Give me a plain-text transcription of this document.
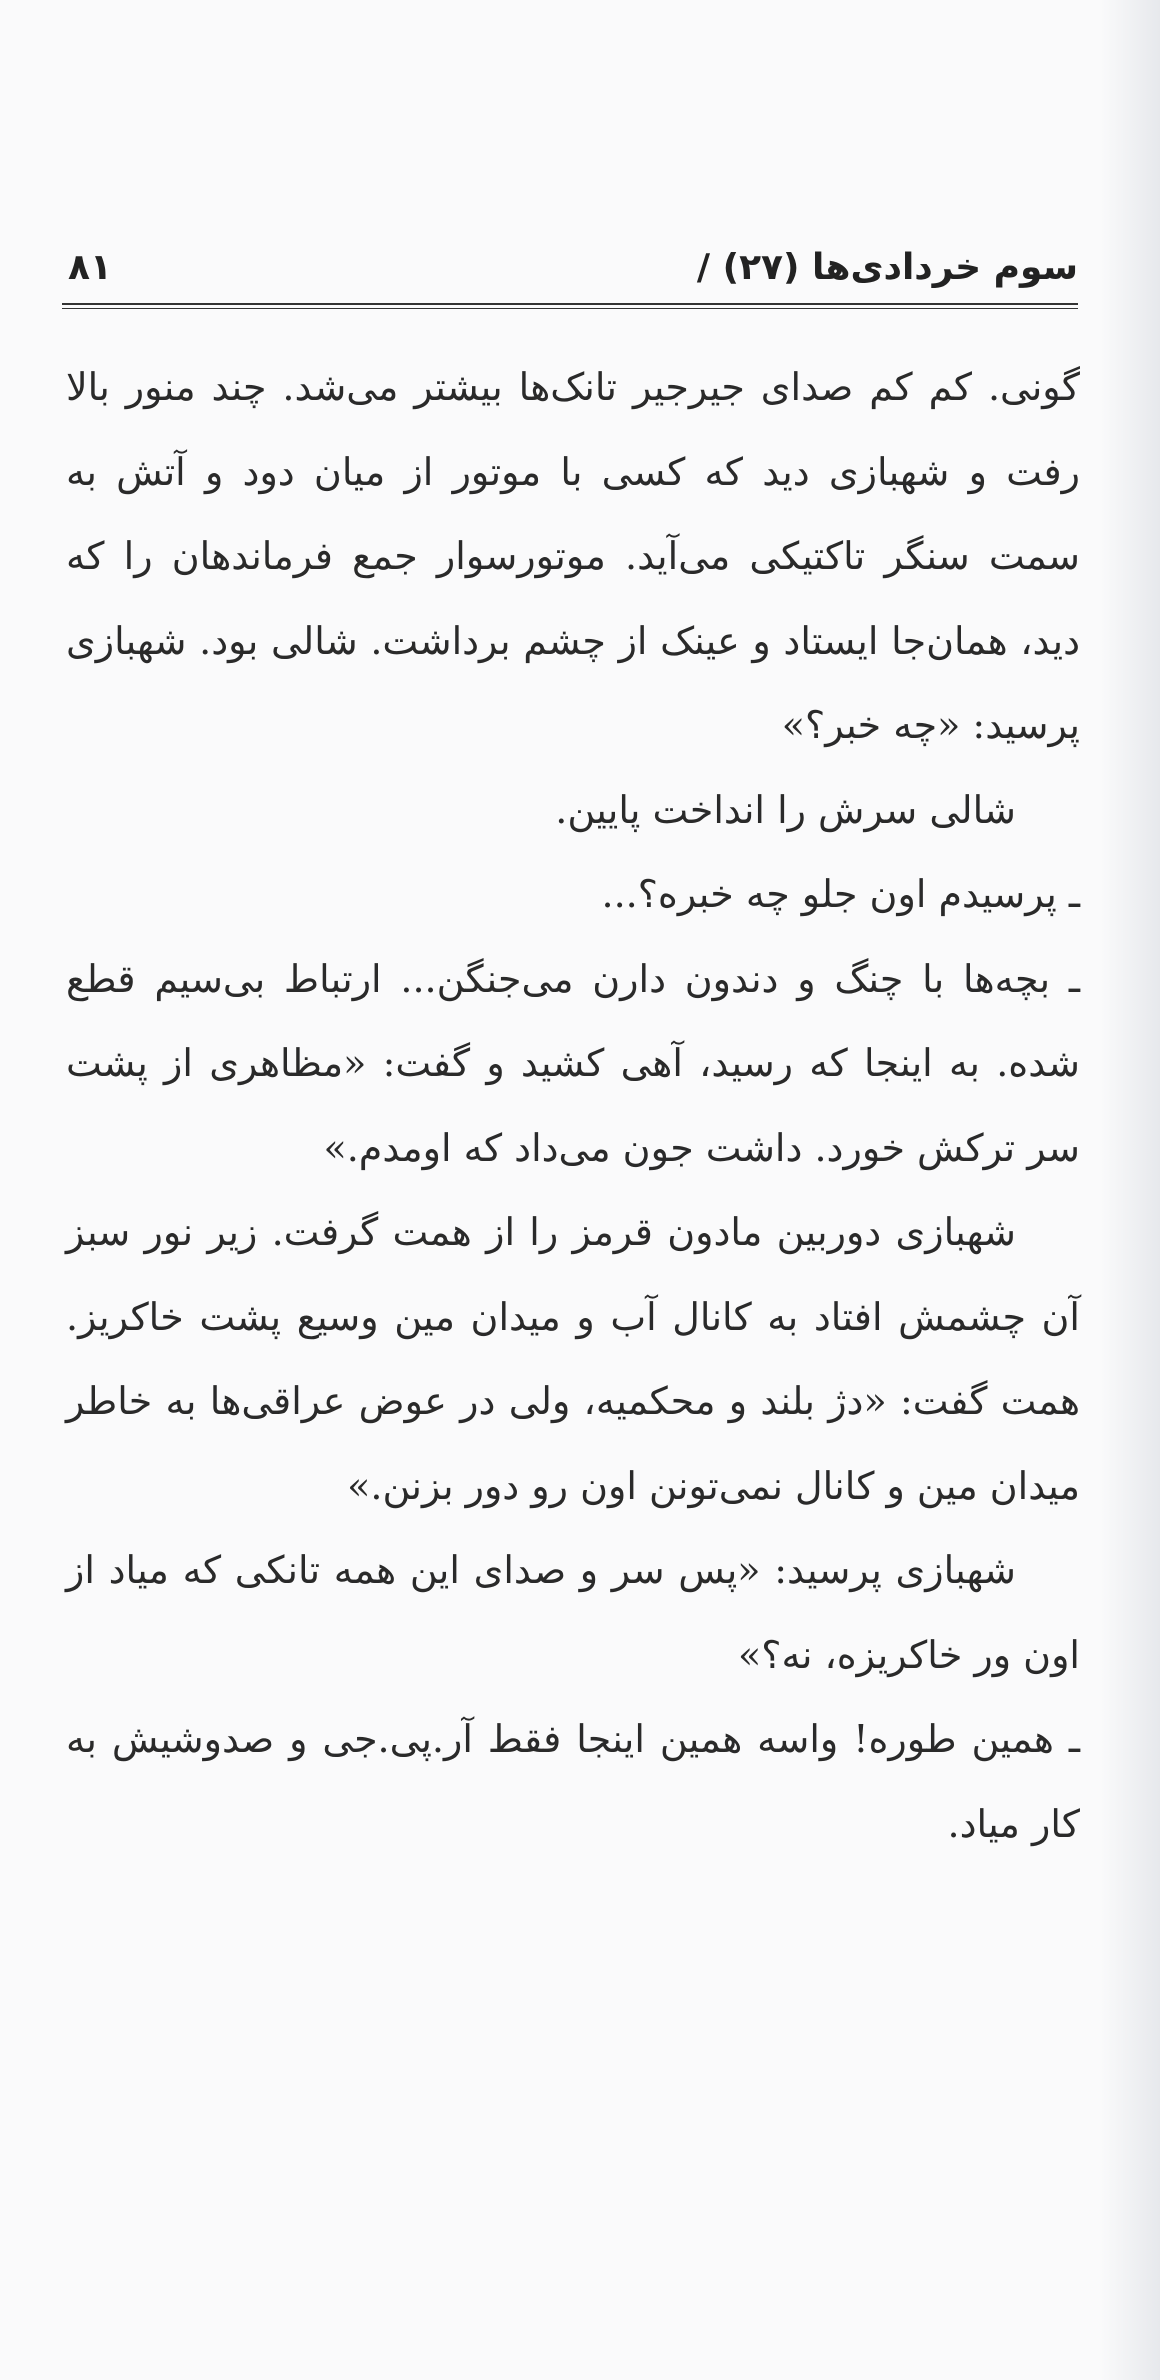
سوم خردادی‌ها (۲۷) /
۸۱

گونی. کم کم صدای جیرجیر تانک‌ها بیشتر می‌شد. چند منور بالا رفت و شهبازی دید که کسی با موتور از میان دود و آتش به سمت سنگر تاکتیکی می‌آید. موتورسوار جمع فرماندهان را که دید، همان‌جا ایستاد و عینک از چشم برداشت. شالی بود. شهبازی پرسید: «چه خبر؟»

شالی سرش را انداخت پایین.

ـ پرسیدم اون جلو چه خبره؟...

ـ بچه‌ها با چنگ و دندون دارن می‌جنگن... ارتباط بی‌سیم قطع شده. به اینجا که رسید، آهی کشید و گفت: «مظاهری از پشت سر ترکش خورد. داشت جون می‌داد که اومدم.»

شهبازی دوربین مادون قرمز را از همت گرفت. زیر نور سبز آن چشمش افتاد به کانال آب و میدان مین وسیع پشت خاکریز. همت گفت: «دژ بلند و محکمیه، ولی در عوض عراقی‌ها به خاطر میدان مین و کانال نمی‌تونن اون رو دور بزنن.»

شهبازی پرسید: «پس سر و صدای این همه تانکی که میاد از اون ور خاکریزه، نه؟»

ـ همین طوره! واسه همین اینجا فقط آر.پی.جی و صدوشیش به کار میاد.
